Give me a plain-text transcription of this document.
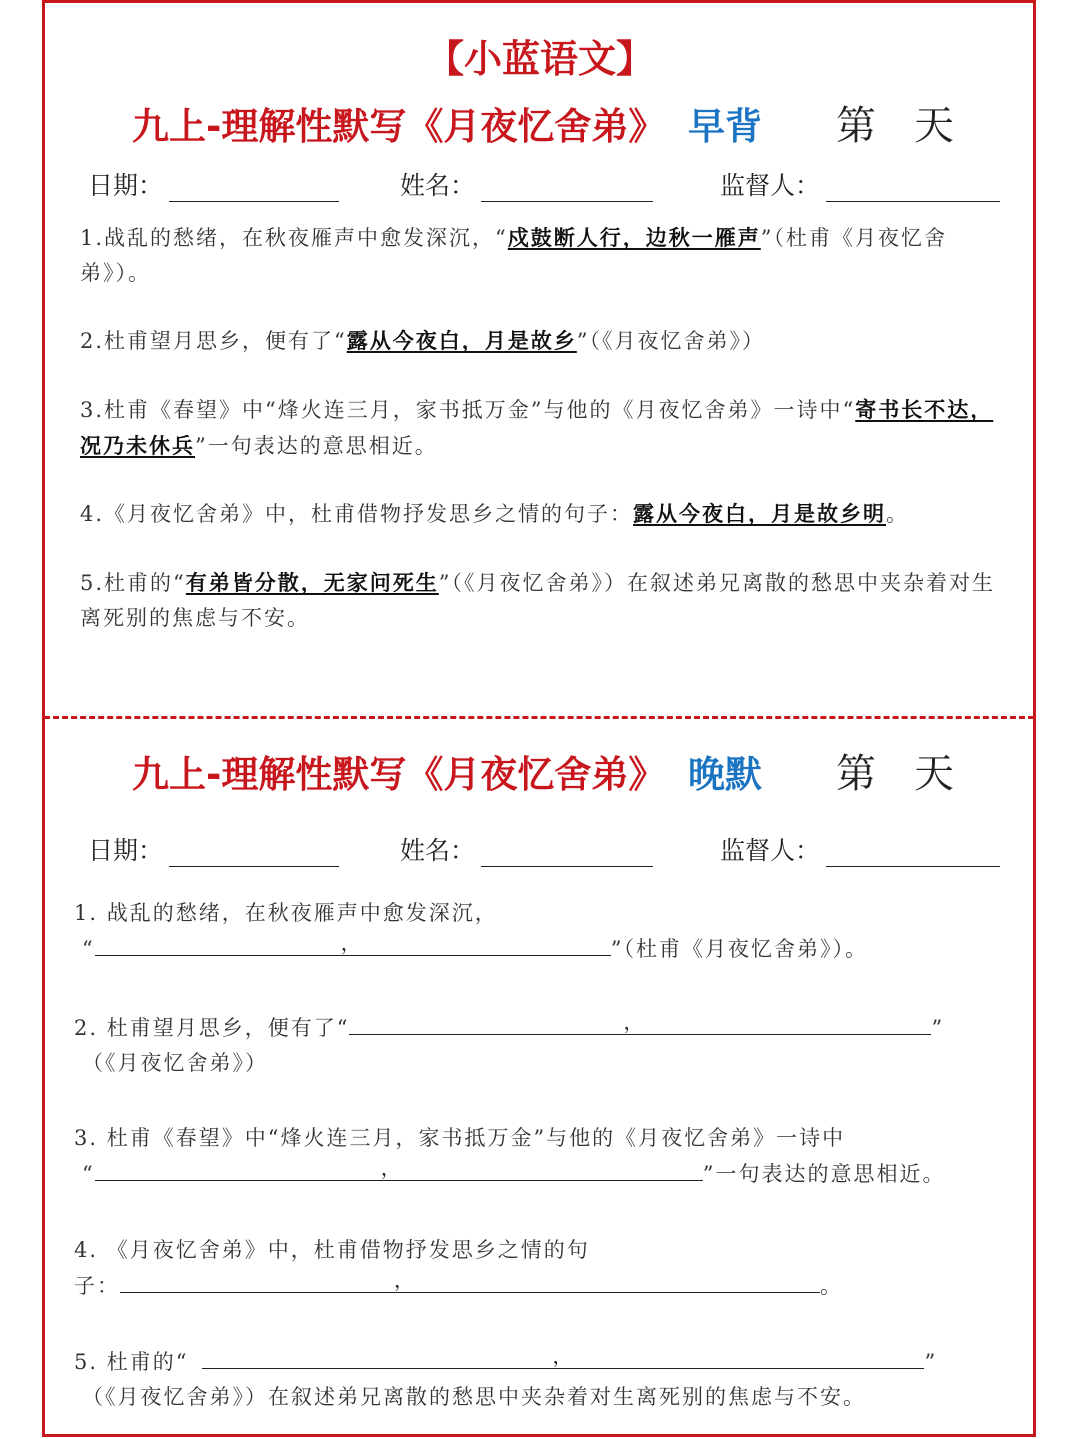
【小蓝语文】
九上-理解性默写《月夜忆舍弟》 早背 第 天
日期：	姓名：	监督人：
1.战乱的愁绪，在秋夜雁声中愈发深沉，“戍鼓断人行，边秋一雁声”（杜甫《月夜忆舍弟》）。
2.杜甫望月思乡，便有了“露从今夜白，月是故乡”（《月夜忆舍弟》）
3.杜甫《春望》中“烽火连三月，家书抵万金”与他的《月夜忆舍弟》一诗中“寄书长不达，况乃未休兵”一句表达的意思相近。
4.《月夜忆舍弟》中，杜甫借物抒发思乡之情的句子：露从今夜白，月是故乡明。
5.杜甫的“有弟皆分散，无家问死生”（《月夜忆舍弟》）在叙述弟兄离散的愁思中夹杂着对生离死别的焦虑与不安。
九上-理解性默写《月夜忆舍弟》 晚默 第 天
日期：	姓名：	监督人：
1. 战乱的愁绪，在秋夜雁声中愈发深沉，
“	，	”（杜甫《月夜忆舍弟》）。
2. 杜甫望月思乡，便有了“	，	”
（《月夜忆舍弟》）
3. 杜甫《春望》中“烽火连三月，家书抵万金”与他的《月夜忆舍弟》一诗中
“	，	”一句表达的意思相近。
4. 《月夜忆舍弟》中，杜甫借物抒发思乡之情的句
子：	，	。
5. 杜甫的“	，	”
（《月夜忆舍弟》）在叙述弟兄离散的愁思中夹杂着对生离死别的焦虑与不安。
